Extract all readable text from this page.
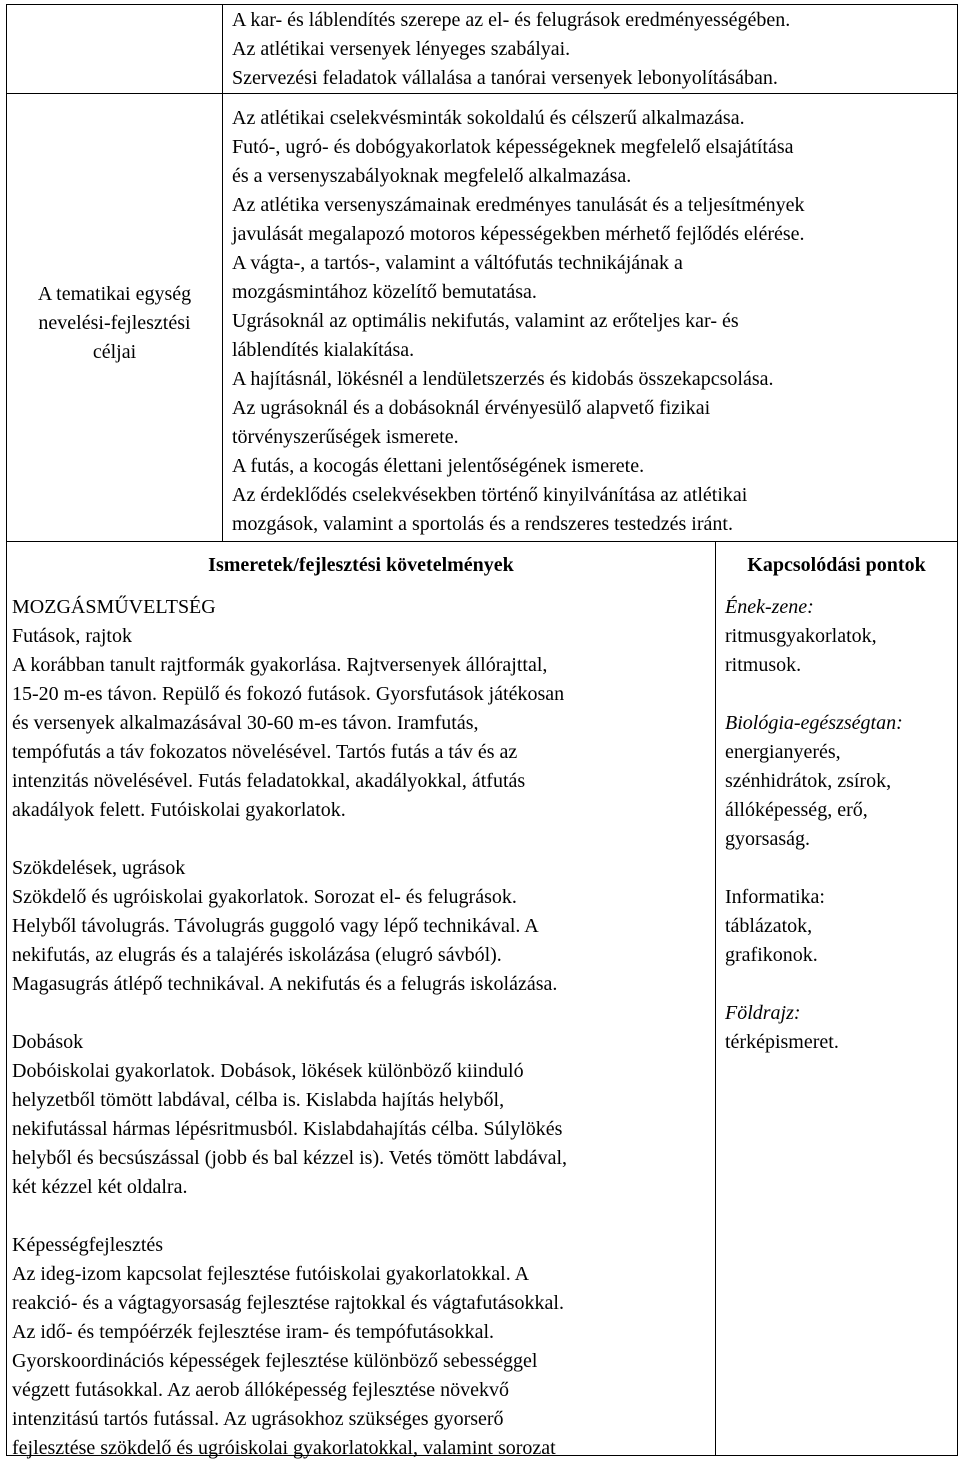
A kar- és láblendítés szerepe az el- és felugrások eredményességében.
Az atlétikai versenyek lényeges szabályai.
Szervezési feladatok vállalása a tanórai versenyek lebonyolításában.
A tematikai egység
nevelési-fejlesztési
céljai
Az atlétikai cselekvésminták sokoldalú és célszerű alkalmazása.
Futó-, ugró- és dobógyakorlatok képességeknek megfelelő elsajátítása
és a versenyszabályoknak megfelelő alkalmazása.
Az atlétika versenyszámainak eredményes tanulását és a teljesítmények
javulását megalapozó motoros képességekben mérhető fejlődés elérése.
A vágta-, a tartós-, valamint a váltófutás technikájának a
mozgásmintához közelítő bemutatása.
Ugrásoknál az optimális nekifutás, valamint az erőteljes kar- és
láblendítés kialakítása.
A hajításnál, lökésnél a lendületszerzés és kidobás összekapcsolása.
Az ugrásoknál és a dobásoknál érvényesülő alapvető fizikai
törvényszerűségek ismerete.
A futás, a kocogás élettani jelentőségének ismerete.
Az érdeklődés cselekvésekben történő kinyilvánítása az atlétikai
mozgások, valamint a sportolás és a rendszeres testedzés iránt.
Ismeretek/fejlesztési követelmények	Kapcsolódási pontok
MOZGÁSMŰVELTSÉG
Futások, rajtok
A korábban tanult rajtformák gyakorlása. Rajtversenyek állórajttal,
15-20 m-es távon. Repülő és fokozó futások. Gyorsfutások játékosan
és versenyek alkalmazásával 30-60 m-es távon. Iramfutás,
tempófutás a táv fokozatos növelésével. Tartós futás a táv és az
intenzitás növelésével. Futás feladatokkal, akadályokkal, átfutás
akadályok felett. Futóiskolai gyakorlatok.
Szökdelések, ugrások
Szökdelő és ugróiskolai gyakorlatok. Sorozat el- és felugrások.
Helyből távolugrás. Távolugrás guggoló vagy lépő technikával. A
nekifutás, az elugrás és a talajérés iskolázása (elugró sávból).
Magasugrás átlépő technikával. A nekifutás és a felugrás iskolázása.
Dobások
Dobóiskolai gyakorlatok. Dobások, lökések különböző kiinduló
helyzetből tömött labdával, célba is. Kislabda hajítás helyből,
nekifutással hármas lépésritmusból. Kislabdahajítás célba. Súlylökés
helyből és becsúszással (jobb és bal kézzel is). Vetés tömött labdával,
két kézzel két oldalra.
Képességfejlesztés
Az ideg-izom kapcsolat fejlesztése futóiskolai gyakorlatokkal. A
reakció- és a vágtagyorsaság fejlesztése rajtokkal és vágtafutásokkal.
Az idő- és tempóérzék fejlesztése iram- és tempófutásokkal.
Gyorskoordinációs képességek fejlesztése különböző sebességgel
végzett futásokkal. Az aerob állóképesség fejlesztése növekvő
intenzitású tartós futással. Az ugrásokhoz szükséges gyorserő
fejlesztése szökdelő és ugróiskolai gyakorlatokkal, valamint sorozat
Ének-zene:
ritmusgyakorlatok,
ritmusok.
Biológia-egészségtan:
energianyerés,
szénhidrátok, zsírok,
állóképesség, erő,
gyorsaság.
Informatika:
táblázatok,
grafikonok.
Földrajz:
térképismeret.
